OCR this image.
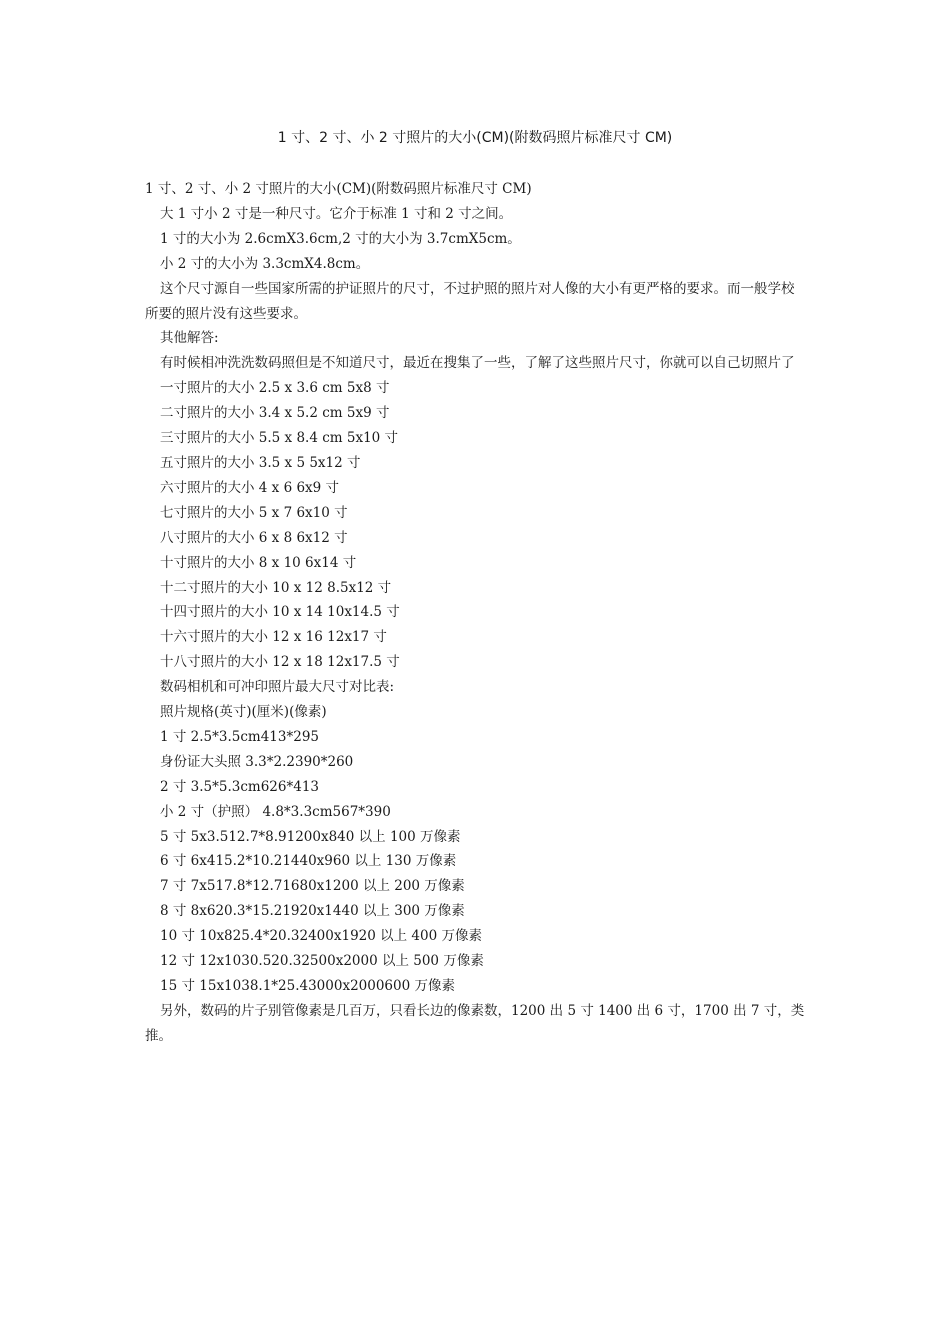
1 寸、2 寸、小 2 寸照片的大小(CM)(附数码照片标准尺寸 CM)

1 寸、2 寸、小 2 寸照片的大小(CM)(附数码照片标准尺寸 CM)

大 1 寸小 2 寸是一种尺寸。它介于标准 1 寸和 2 寸之间。

1 寸的大小为 2.6cmX3.6cm,2 寸的大小为 3.7cmX5cm。

小 2 寸的大小为 3.3cmX4.8cm。

这个尺寸源自一些国家所需的护证照片的尺寸，不过护照的照片对人像的大小有更严格的要求。而一般学校所要的照片没有这些要求。

其他解答:

有时候相冲洗洗数码照但是不知道尺寸，最近在搜集了一些，了解了这些照片尺寸，你就可以自己切照片了

一寸照片的大小 2.5 x 3.6 cm 5x8 寸

二寸照片的大小 3.4 x 5.2 cm 5x9 寸

三寸照片的大小 5.5 x 8.4 cm 5x10 寸

五寸照片的大小 3.5 x 5 5x12 寸

六寸照片的大小 4 x 6 6x9 寸

七寸照片的大小 5 x 7 6x10 寸

八寸照片的大小 6 x 8 6x12 寸

十寸照片的大小 8 x 10 6x14 寸

十二寸照片的大小 10 x 12 8.5x12 寸

十四寸照片的大小 10 x 14 10x14.5 寸

十六寸照片的大小 12 x 16 12x17 寸

十八寸照片的大小 12 x 18 12x17.5 寸

数码相机和可冲印照片最大尺寸对比表:

照片规格(英寸)(厘米)(像素)

1 寸 2.5*3.5cm413*295

身份证大头照 3.3*2.2390*260

2 寸 3.5*5.3cm626*413

小 2 寸（护照） 4.8*3.3cm567*390

5 寸 5x3.512.7*8.91200x840 以上 100 万像素

6 寸 6x415.2*10.21440x960 以上 130 万像素

7 寸 7x517.8*12.71680x1200 以上 200 万像素

8 寸 8x620.3*15.21920x1440 以上 300 万像素

10 寸 10x825.4*20.32400x1920 以上 400 万像素

12 寸 12x1030.520.32500x2000 以上 500 万像素

15 寸 15x1038.1*25.43000x2000600 万像素

另外，数码的片子别管像素是几百万，只看长边的像素数，1200 出 5 寸 1400 出 6 寸，1700 出 7 寸，类推。
